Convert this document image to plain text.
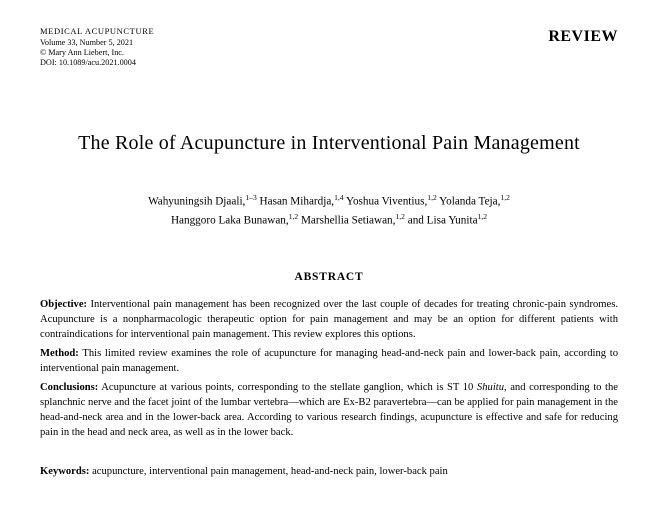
MEDICAL ACUPUNCTURE
Volume 33, Number 5, 2021
© Mary Ann Liebert, Inc.
DOI: 10.1089/acu.2021.0004
REVIEW
The Role of Acupuncture in Interventional Pain Management
Wahyuningsih Djaali,$^{1-3}$ Hasan Mihardja,$^{1,4}$ Yoshua Viventius,$^{1,2}$ Yolanda Teja,$^{1,2}$
Hanggoro Laka Bunawan,$^{1,2}$ Marshellia Setiawan,$^{1,2}$ and Lisa Yunita$^{1,2}$
ABSTRACT

Objective: Interventional pain management has been recognized over the last couple of decades for treating chronic-pain syndromes. Acupuncture is a nonpharmacologic therapeutic option for pain management and may be an option for different patients with contraindications for interventional pain management. This review explores this options.

Method: This limited review examines the role of acupuncture for managing head-and-neck pain and lower-back pain, according to interventional pain management.

Conclusions: Acupuncture at various points, corresponding to the stellate ganglion, which is ST 10 Shuitu, and corresponding to the splanchnic nerve and the facet joint of the lumbar vertebra—which are Ex-B2 paravertebra—can be applied for pain management in the head-and-neck area and in the lower-back area. According to various research findings, acupuncture is effective and safe for reducing pain in the head and neck area, as well as in the lower back.

Keywords: acupuncture, interventional pain management, head-and-neck pain, lower-back pain
